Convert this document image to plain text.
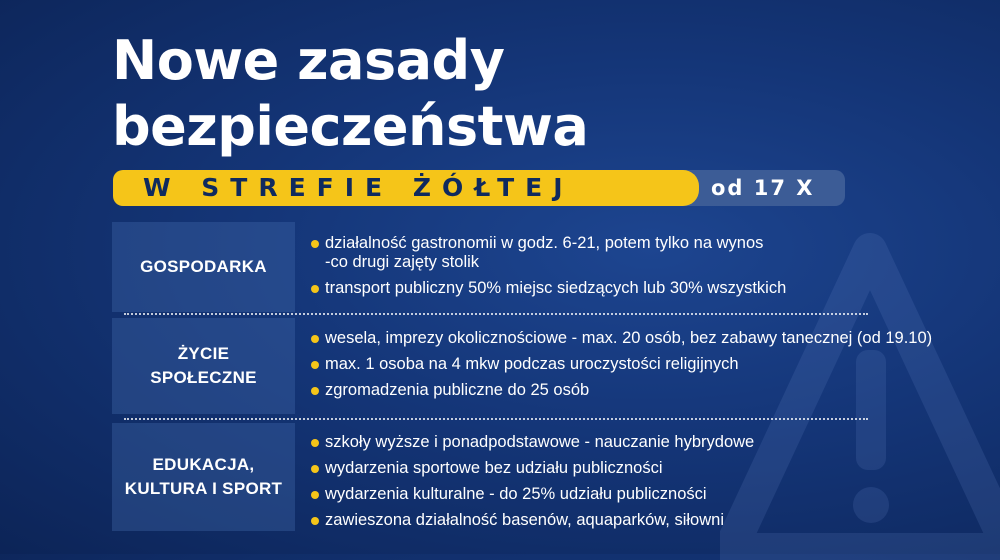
Nowe zasady
bezpieczeństwa
W STREFIE ŻÓŁTEJ	od 17 X
GOSPODARKA
działalność gastronomii w godz. 6-21, potem tylko na wynos
-co drugi zajęty stolik
transport publiczny 50% miejsc siedzących lub 30% wszystkich
ŻYCIE
SPOŁECZNE
wesela, imprezy okolicznościowe - max. 20 osób, bez zabawy tanecznej (od 19.10)
max. 1 osoba na 4 mkw podczas uroczystości religijnych
zgromadzenia publiczne do 25 osób
EDUKACJA,
KULTURA I SPORT
szkoły wyższe i ponadpodstawowe - nauczanie hybrydowe
wydarzenia sportowe bez udziału publiczności
wydarzenia kulturalne - do 25% udziału publiczności
zawieszona działalność basenów, aquaparków, siłowni
